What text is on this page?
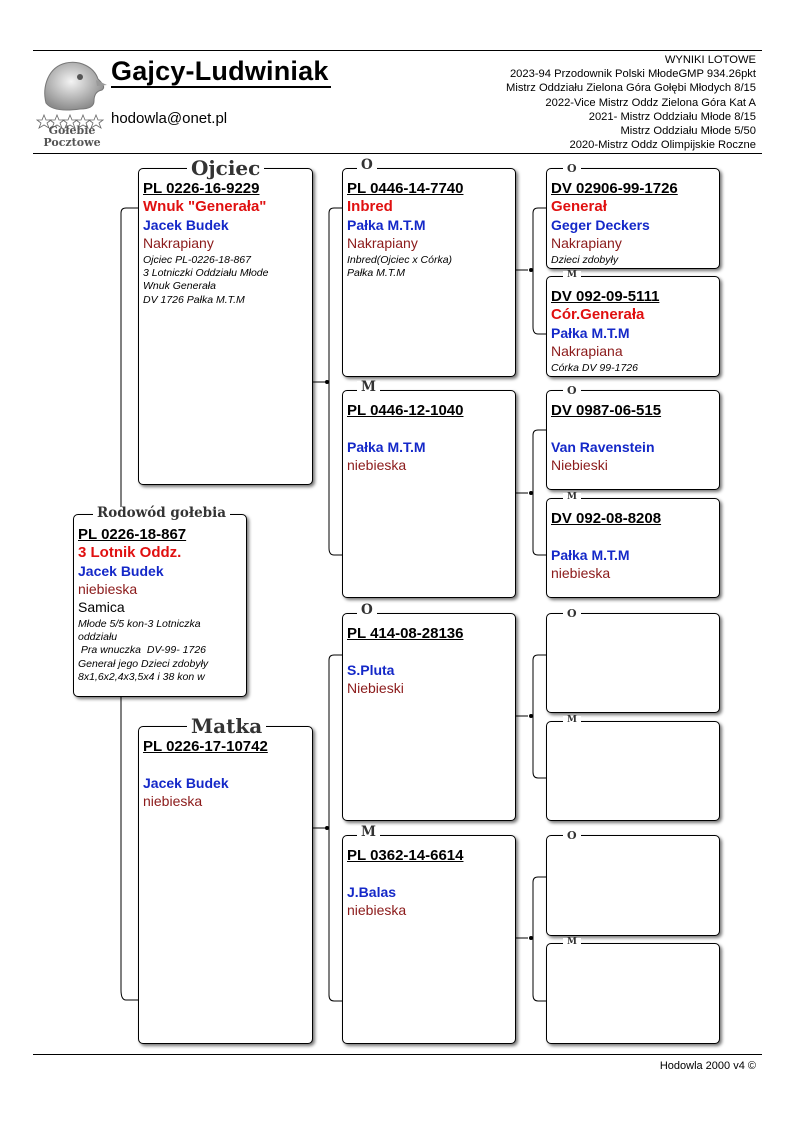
Gołebie
Pocztowe
Gajcy-Ludwiniak
hodowla@onet.pl
WYNIKI LOTOWE
2023-94 Przodownik Polski MłodeGMP 934.26pkt
Mistrz Oddziału Zielona Góra Gołębi Młodych 8/15
2022-Vice Mistrz Oddz Zielona Góra Kat A
2021- Mistrz Oddziału Młode 8/15
Mistrz Oddziału Młode 5/50
2020-Mistrz Oddz Olimpijskie Roczne
Hodowla 2000 v4 ©
PL 0226-18-867
3 Lotnik Oddz.
Jacek Budek
niebieska
Samica
Młode 5/5 kon-3 Lotniczka
oddziału
Pra wnuczka  DV-99- 1726
Generał jego Dzieci zdobyły
8x1,6x2,4x3,5x4 i 38 kon w
Rodowód gołebia
PL 0226-16-9229
Wnuk "Generała"
Jacek Budek
Nakrapiany
Ojciec PL-0226-18-867
3 Lotniczki Oddziału Młode
Wnuk Generała
DV 1726 Pałka M.T.M
Ojciec
PL 0226-17-10742
Jacek Budek
niebieska
Matka
PL 0446-14-7740
Inbred
Pałka M.T.M
Nakrapiany
Inbred(Ojciec x Córka)
Pałka M.T.M
O
PL 0446-12-1040
Pałka M.T.M
niebieska
M
PL 414-08-28136
S.Pluta
Niebieski
O
PL 0362-14-6614
J.Balas
niebieska
M
DV 02906-99-1726
Generał
Geger Deckers
Nakrapiany
Dzieci zdobyły
O
DV 092-09-5111
Cór.Generała
Pałka M.T.M
Nakrapiana
Córka DV 99-1726
M
DV 0987-06-515
Van Ravenstein
Niebieski
O
DV 092-08-8208
Pałka M.T.M
niebieska
M
O
M
O
M
